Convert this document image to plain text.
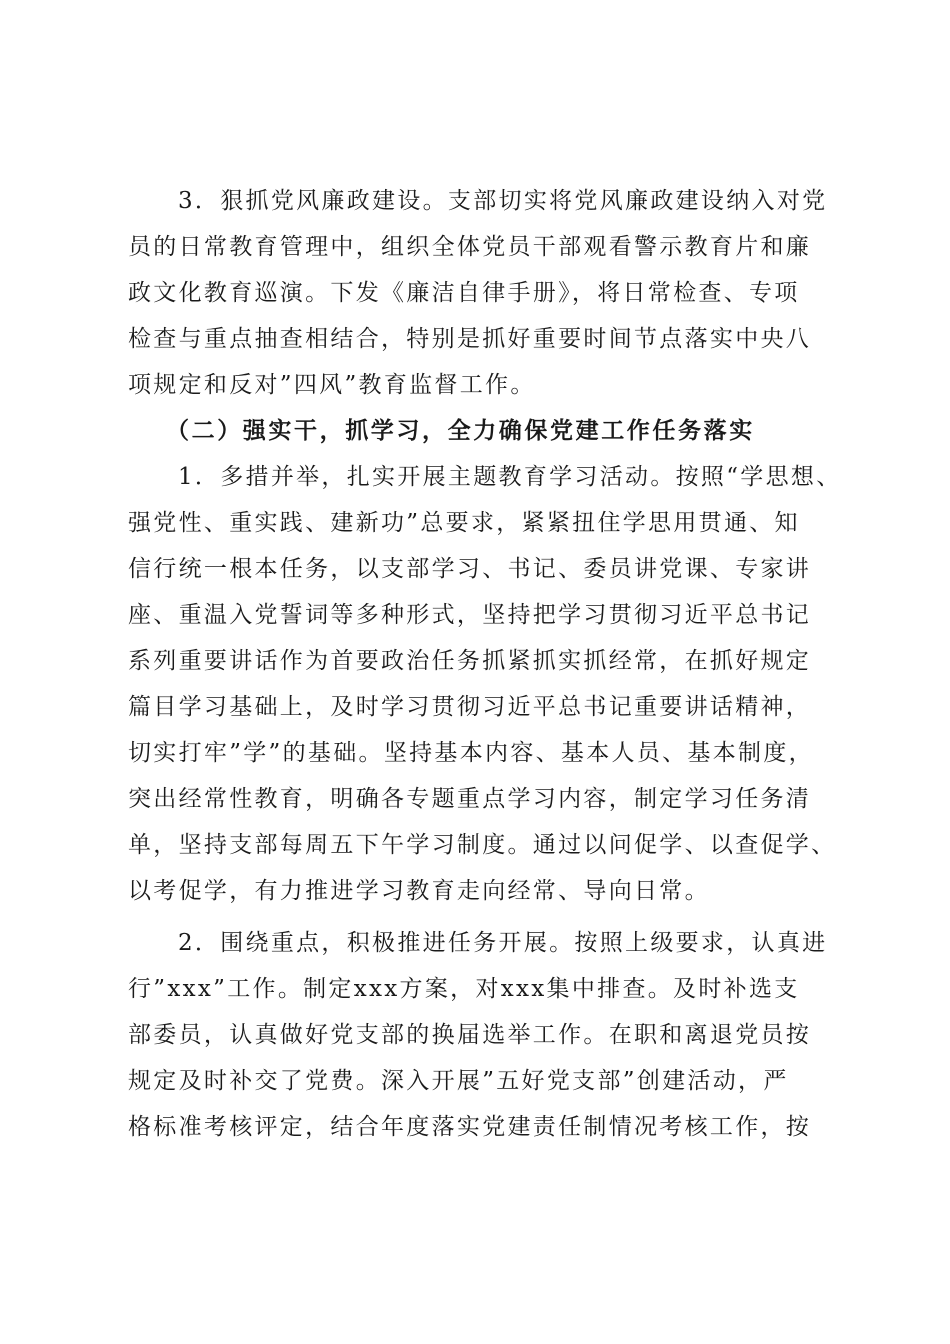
3．狠抓党风廉政建设。支部切实将党风廉政建设纳入对党
员的日常教育管理中，组织全体党员干部观看警示教育片和廉
政文化教育巡演。下发《廉洁自律手册》，将日常检查、专项
检查与重点抽查相结合，特别是抓好重要时间节点落实中央八
项规定和反对”四风”教育监督工作。
（二）强实干，抓学习，全力确保党建工作任务落实
1．多措并举，扎实开展主题教育学习活动。按照“学思想、
强党性、重实践、建新功”总要求，紧紧扭住学思用贯通、知
信行统一根本任务，以支部学习、书记、委员讲党课、专家讲
座、重温入党誓词等多种形式，坚持把学习贯彻习近平总书记
系列重要讲话作为首要政治任务抓紧抓实抓经常，在抓好规定
篇目学习基础上，及时学习贯彻习近平总书记重要讲话精神，
切实打牢”学”的基础。坚持基本内容、基本人员、基本制度，
突出经常性教育，明确各专题重点学习内容，制定学习任务清
单，坚持支部每周五下午学习制度。通过以问促学、以查促学、
以考促学，有力推进学习教育走向经常、导向日常。
2．围绕重点，积极推进任务开展。按照上级要求，认真进
行”xxx”工作。制定xxx方案，对xxx集中排查。及时补选支
部委员，认真做好党支部的换届选举工作。在职和离退党员按
规定及时补交了党费。深入开展”五好党支部”创建活动，严
格标准考核评定，结合年度落实党建责任制情况考核工作，按
